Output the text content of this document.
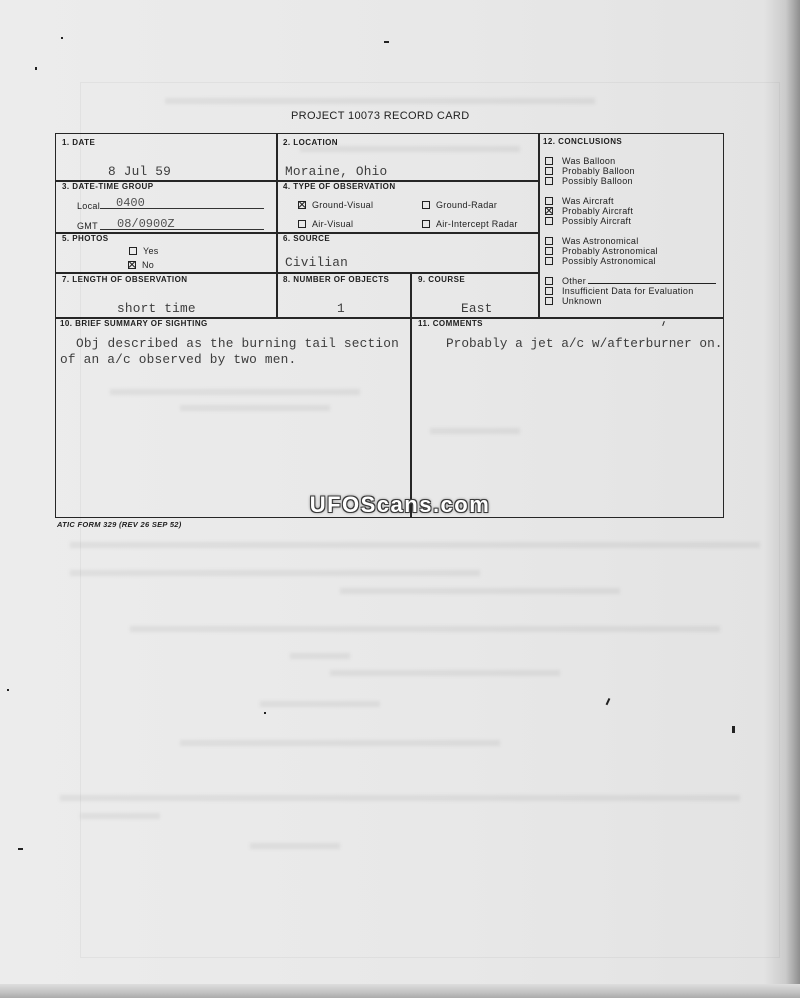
PROJECT 10073 RECORD CARD
1. DATE
8 Jul 59
2. LOCATION
Moraine, Ohio
3. DATE-TIME GROUP
Local 0400
GMT 08/0900Z
4. TYPE OF OBSERVATION
Ground-Visual	Ground-Radar
Air-Visual	Air-Intercept Radar
5. PHOTOS
Yes
No
6. SOURCE
Civilian
7. LENGTH OF OBSERVATION
short time
8. NUMBER OF OBJECTS
1
9. COURSE
East
10. BRIEF SUMMARY OF SIGHTING
Obj described as the burning tail section of an a/c observed by two men.
11. COMMENTS
Probably a jet a/c w/afterburner on.
12. CONCLUSIONS
Was Balloon
Probably Balloon
Possibly Balloon
Was Aircraft
Probably Aircraft
Possibly Aircraft
Was Astronomical
Probably Astronomical
Possibly Astronomical
Other
Insufficient Data for Evaluation
Unknown
ATIC FORM 329 (REV 26 SEP 52)
UFOScans.com
